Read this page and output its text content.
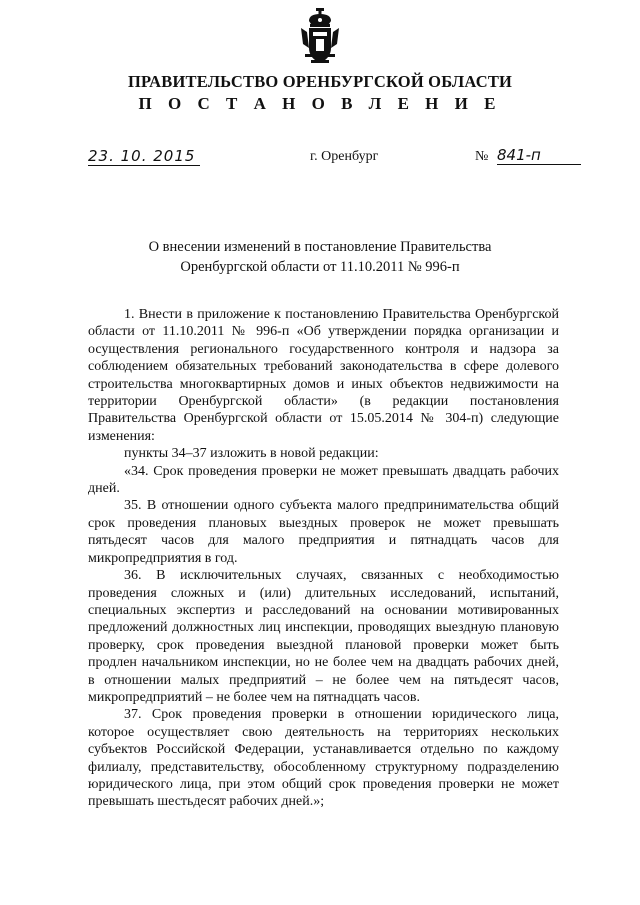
ПРАВИТЕЛЬСТВО ОРЕНБУРГСКОЙ ОБЛАСТИ
П О С Т А Н О В Л Е Н И Е
23. 10. 2015	г. Оренбург	№ 841-п
О внесении изменений в постановление Правительства
Оренбургской области от 11.10.2011 № 996-п

1. Внести в приложение к постановлению Правительства Оренбургской

области от 11.10.2011 № 996-п «Об утверждении порядка организации и

осуществления регионального государственного контроля и надзора за

соблюдением обязательных требований законодательства в сфере долевого

строительства многоквартирных домов и иных объектов недвижимости на

территории Оренбургской области» (в редакции постановления

Правительства Оренбургской области от 15.05.2014 № 304-п) следующие

изменения:

пункты 34–37 изложить в новой редакции:

«34. Срок проведения проверки не может превышать двадцать рабочих

дней.

35. В отношении одного субъекта малого предпринимательства общий

срок проведения плановых выездных проверок не может превышать

пятьдесят часов для малого предприятия и пятнадцать часов для

микропредприятия в год.

36. В исключительных случаях, связанных с необходимостью

проведения сложных и (или) длительных исследований, испытаний,

специальных экспертиз и расследований на основании мотивированных

предложений должностных лиц инспекции, проводящих выездную плановую

проверку, срок проведения выездной плановой проверки может быть

продлен начальником инспекции, но не более чем на двадцать рабочих дней,

в отношении малых предприятий – не более чем на пятьдесят часов,

микропредприятий – не более чем на пятнадцать часов.

37. Срок проведения проверки в отношении юридического лица,

которое осуществляет свою деятельность на территориях нескольких

субъектов Российской Федерации, устанавливается отдельно по каждому

филиалу, представительству, обособленному структурному подразделению

юридического лица, при этом общий срок проведения проверки не может

превышать шестьдесят рабочих дней.»;
